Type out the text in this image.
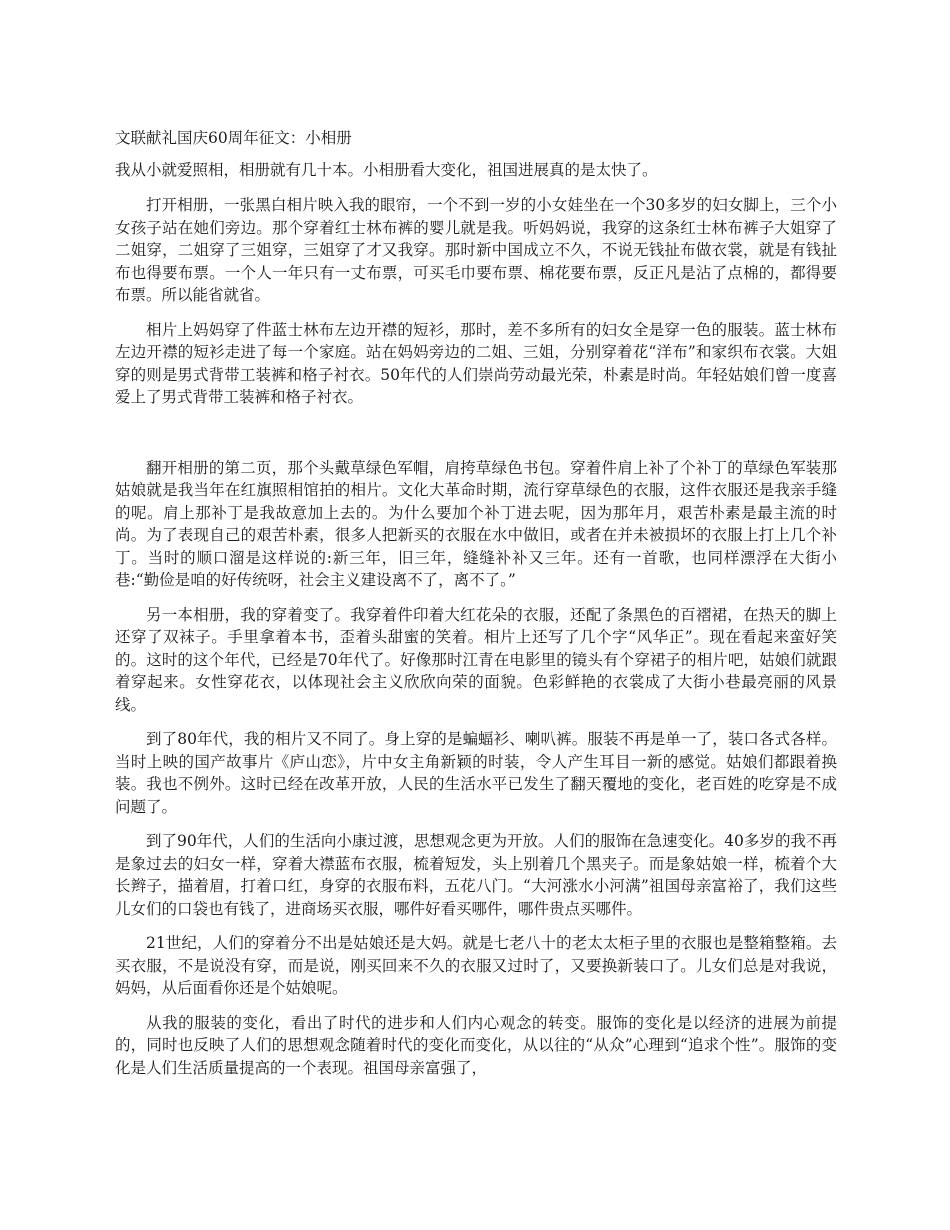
文联献礼国庆60周年征文：小相册
我从小就爱照相，相册就有几十本。小相册看大变化，祖国进展真的是太快了。

打开相册，一张黑白相片映入我的眼帘，一个不到一岁的小女娃坐在一个30多岁的妇女脚上，三个小女孩子站在她们旁边。那个穿着红士林布裤的婴儿就是我。听妈妈说，我穿的这条红士林布裤子大姐穿了二姐穿，二姐穿了三姐穿，三姐穿了才又我穿。那时新中国成立不久，不说无钱扯布做衣裳，就是有钱扯布也得要布票。一个人一年只有一丈布票，可买毛巾要布票、棉花要布票，反正凡是沾了点棉的，都得要布票。所以能省就省。

相片上妈妈穿了件蓝士林布左边开襟的短衫，那时，差不多所有的妇女全是穿一色的服装。蓝士林布左边开襟的短衫走进了每一个家庭。站在妈妈旁边的二姐、三姐，分别穿着花“洋布”和家织布衣裳。大姐穿的则是男式背带工装裤和格子衬衣。50年代的人们崇尚劳动最光荣，朴素是时尚。年轻姑娘们曾一度喜爱上了男式背带工装裤和格子衬衣。

翻开相册的第二页，那个头戴草绿色军帽，肩挎草绿色书包。穿着件肩上补了个补丁的草绿色军装那姑娘就是我当年在红旗照相馆拍的相片。文化大革命时期，流行穿草绿色的衣服，这件衣服还是我亲手缝的呢。肩上那补丁是我故意加上去的。为什么要加个补丁进去呢，因为那年月，艰苦朴素是最主流的时尚。为了表现自己的艰苦朴素，很多人把新买的衣服在水中做旧，或者在并未被损坏的衣服上打上几个补丁。当时的顺口溜是这样说的:新三年，旧三年，缝缝补补又三年。还有一首歌，也同样漂浮在大街小巷:“勤俭是咱的好传统呀，社会主义建设离不了，离不了。”

另一本相册，我的穿着变了。我穿着件印着大红花朵的衣服，还配了条黑色的百褶裙，在热天的脚上还穿了双袜子。手里拿着本书，歪着头甜蜜的笑着。相片上还写了几个字“风华正”。现在看起来蛮好笑的。这时的这个年代，已经是70年代了。好像那时江青在电影里的镜头有个穿裙子的相片吧，姑娘们就跟着穿起来。女性穿花衣，以体现社会主义欣欣向荣的面貌。色彩鲜艳的衣裳成了大街小巷最亮丽的风景线。

到了80年代，我的相片又不同了。身上穿的是蝙蝠衫、喇叭裤。服装不再是单一了，装口各式各样。当时上映的国产故事片《庐山恋》，片中女主角新颖的时装，令人产生耳目一新的感觉。姑娘们都跟着换装。我也不例外。这时已经在改革开放，人民的生活水平已发生了翻天覆地的变化，老百姓的吃穿是不成问题了。

到了90年代，人们的生活向小康过渡，思想观念更为开放。人们的服饰在急速变化。40多岁的我不再是象过去的妇女一样，穿着大襟蓝布衣服，梳着短发，头上别着几个黑夹子。而是象姑娘一样，梳着个大长辫子，描着眉，打着口红，身穿的衣服布料，五花八门。“大河涨水小河满”祖国母亲富裕了，我们这些儿女们的口袋也有钱了，进商场买衣服，哪件好看买哪件，哪件贵点买哪件。

21世纪，人们的穿着分不出是姑娘还是大妈。就是七老八十的老太太柜子里的衣服也是整箱整箱。去买衣服，不是说没有穿，而是说，刚买回来不久的衣服又过时了，又要换新装口了。儿女们总是对我说，妈妈，从后面看你还是个姑娘呢。

从我的服装的变化，看出了时代的进步和人们内心观念的转变。服饰的变化是以经济的进展为前提的，同时也反映了人们的思想观念随着时代的变化而变化，从以往的“从众”心理到“追求个性”。服饰的变化是人们生活质量提高的一个表现。祖国母亲富强了，
